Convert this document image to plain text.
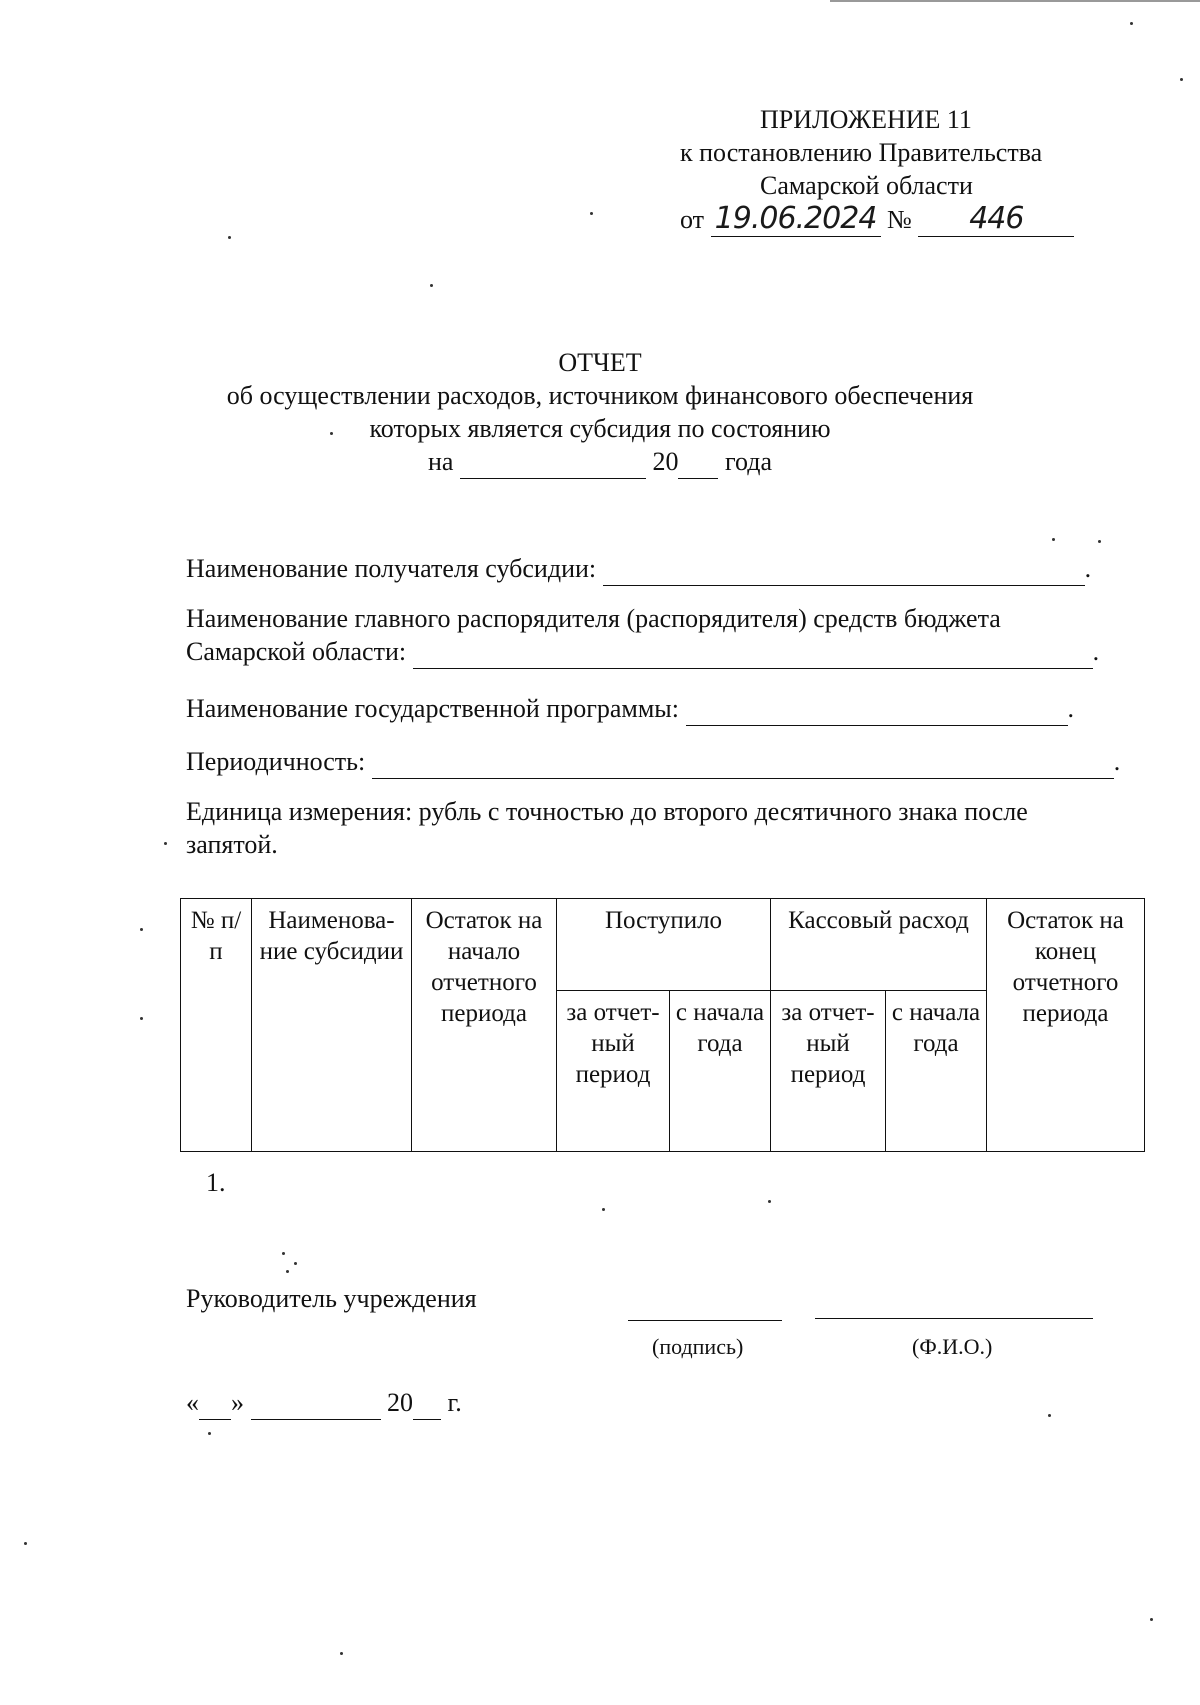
ПРИЛОЖЕНИЕ 11
к постановлению Правительства
Самарской области
от 19.06.2024 № 446
ОТЧЕТ
об осуществлении расходов, источником финансового обеспечения
которых является субсидия по состоянию
на	20 года
Наименование получателя субсидии:	.
Наименование главного распорядителя (распорядителя) средств бюджета
Самарской области:	.
Наименование государственной программы:	.
Периодичность:	.
Единица измерения: рубль с точностью до второго десятичного знака после
запятой.
№ п/п	Наименова-ние субсидии	Остаток на начало отчетного периода	Поступило		Кассовый расход		Остаток на конец отчетного периода
			за отчет-ный период	с начала года	за отчет-ный период	с начала года	
1.
Руководитель учреждения
(подпись)	(Ф.И.О.)
« »	20 г.
